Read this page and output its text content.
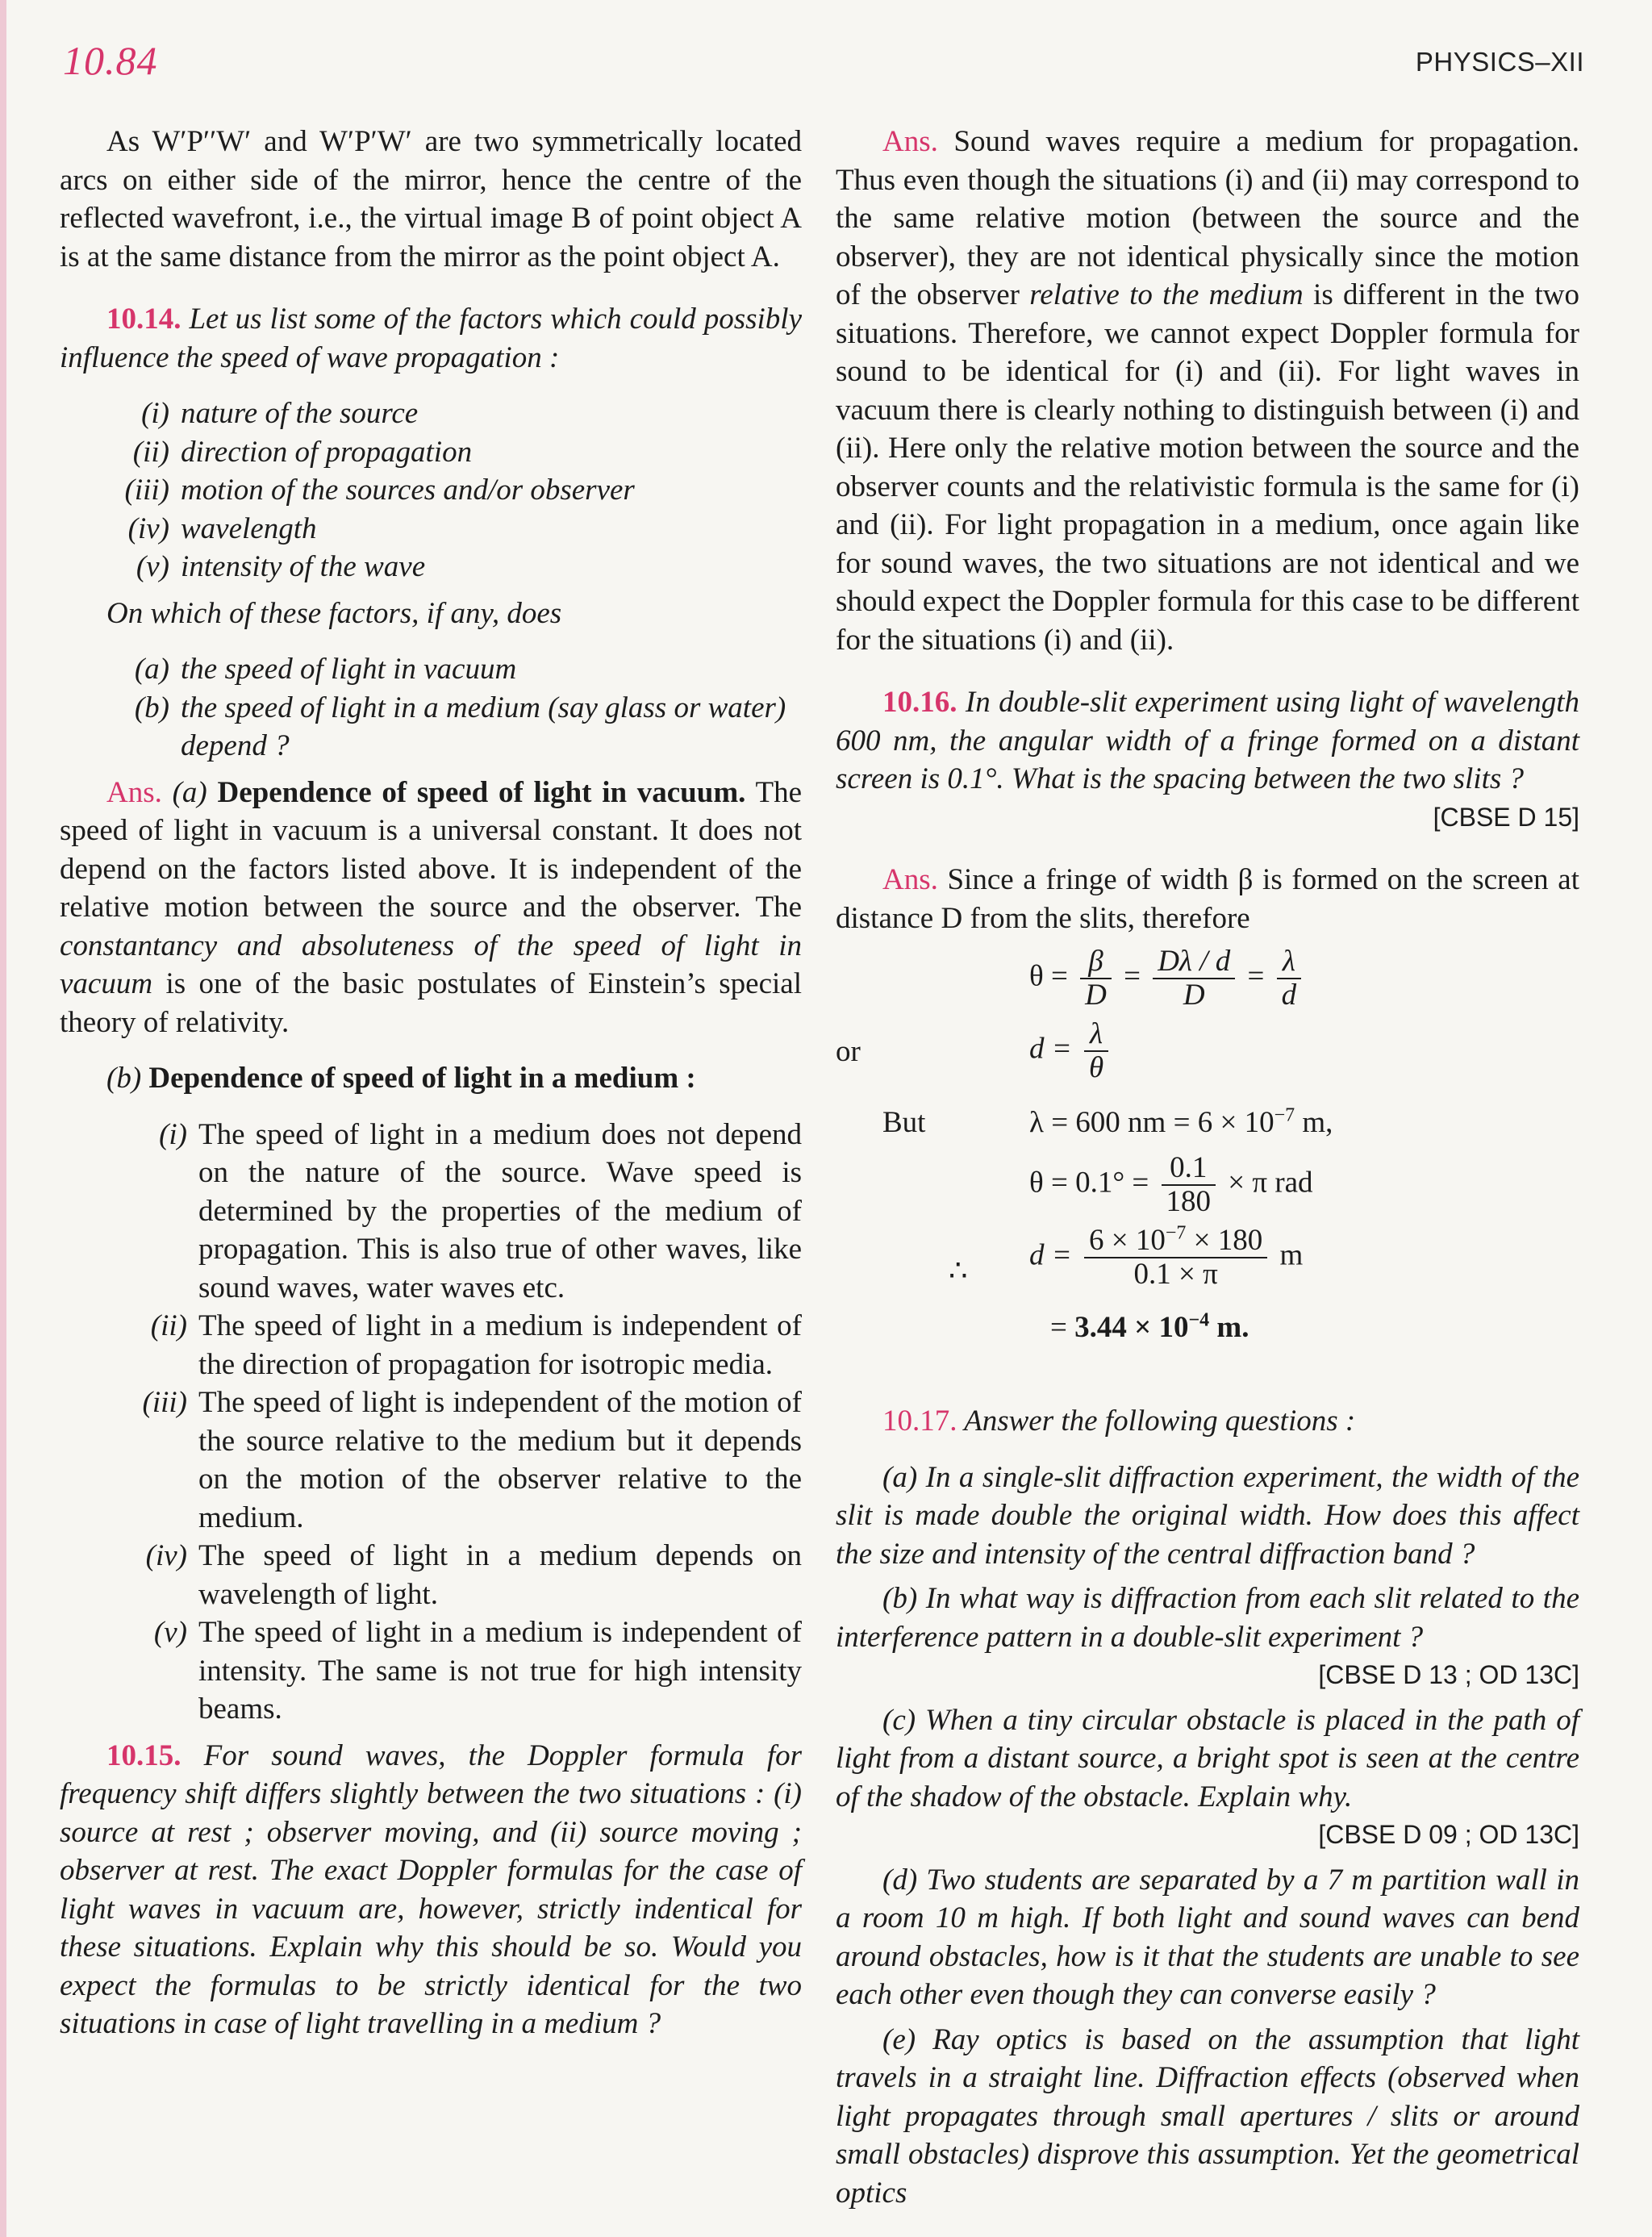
10.84	PHYSICS–XII

As W′P′′W′ and W′P′W′ are two symmetrically located arcs on either side of the mirror, hence the centre of the reflected wavefront, i.e., the virtual image B of point object A is at the same distance from the mirror as the point object A.

10.14. Let us list some of the factors which could possibly influence the speed of wave propagation :

(i) nature of the source
(ii) direction of propagation
(iii) motion of the sources and/or observer
(iv) wavelength
(v) intensity of the wave

On which of these factors, if any, does

(a) the speed of light in vacuum
(b) the speed of light in a medium (say glass or water) depend ?

Ans. (a) Dependence of speed of light in vacuum. The speed of light in vacuum is a universal constant. It does not depend on the factors listed above. It is independent of the relative motion between the source and the observer. The constantancy and absoluteness of the speed of light in vacuum is one of the basic postulates of Einstein’s special theory of relativity.

(b) Dependence of speed of light in a medium :

(i) The speed of light in a medium does not depend on the nature of the source. Wave speed is determined by the properties of the medium of propagation. This is also true of other waves, like sound waves, water waves etc.
(ii) The speed of light in a medium is independent of the direction of propagation for isotropic media.
(iii) The speed of light is independent of the motion of the source relative to the medium but it depends on the motion of the observer relative to the medium.
(iv) The speed of light in a medium depends on wavelength of light.
(v) The speed of light in a medium is independent of intensity. The same is not true for high intensity beams.

10.15. For sound waves, the Doppler formula for frequency shift differs slightly between the two situations : (i) source at rest ; observer moving, and (ii) source moving ; observer at rest. The exact Doppler formulas for the case of light waves in vacuum are, however, strictly indentical for these situations. Explain why this should be so. Would you expect the formulas to be strictly identical for the two situations in case of light travelling in a medium ?

Ans. Sound waves require a medium for propagation. Thus even though the situations (i) and (ii) may correspond to the same relative motion (between the source and the observer), they are not identical physically since the motion of the observer relative to the medium is different in the two situations. Therefore, we cannot expect Doppler formula for sound to be identical for (i) and (ii). For light waves in vacuum there is clearly nothing to distinguish between (i) and (ii). Here only the relative motion between the source and the observer counts and the relativistic formula is the same for (i) and (ii). For light propagation in a medium, once again like for sound waves, the two situations are not identical and we should expect the Doppler formula for this case to be different for the situations (i) and (ii).

10.16. In double-slit experiment using light of wavelength 600 nm, the angular width of a fringe formed on a distant screen is 0.1°. What is the spacing between the two slits ?

[CBSE D 15]

Ans. Since a fringe of width β is formed on the screen at distance D from the slits, therefore

$\theta = \frac{\beta}{D} = \frac{D\lambda / d}{D} = \frac{\lambda}{d}$
or	$d = \frac{\lambda}{\theta}$
But	λ = 600 nm = $6 \times 10^{-7}$ m,
$\theta = 0.1^\circ = \frac{0.1}{180} \times \pi$ rad
∴ $d = \frac{6 \times 10^{-7} \times 180}{0.1 \times \pi}$ m
= $3.44 \times 10^{-4}$ m.

10.17. Answer the following questions :

(a) In a single-slit diffraction experiment, the width of the slit is made double the original width. How does this affect the size and intensity of the central diffraction band ?

(b) In what way is diffraction from each slit related to the interference pattern in a double-slit experiment ?

[CBSE D 13 ; OD 13C]

(c) When a tiny circular obstacle is placed in the path of light from a distant source, a bright spot is seen at the centre of the shadow of the obstacle. Explain why.

[CBSE D 09 ; OD 13C]

(d) Two students are separated by a 7 m partition wall in a room 10 m high. If both light and sound waves can bend around obstacles, how is it that the students are unable to see each other even though they can converse easily ?

(e) Ray optics is based on the assumption that light travels in a straight line. Diffraction effects (observed when light propagates through small apertures / slits or around small obstacles) disprove this assumption. Yet the geometrical optics
